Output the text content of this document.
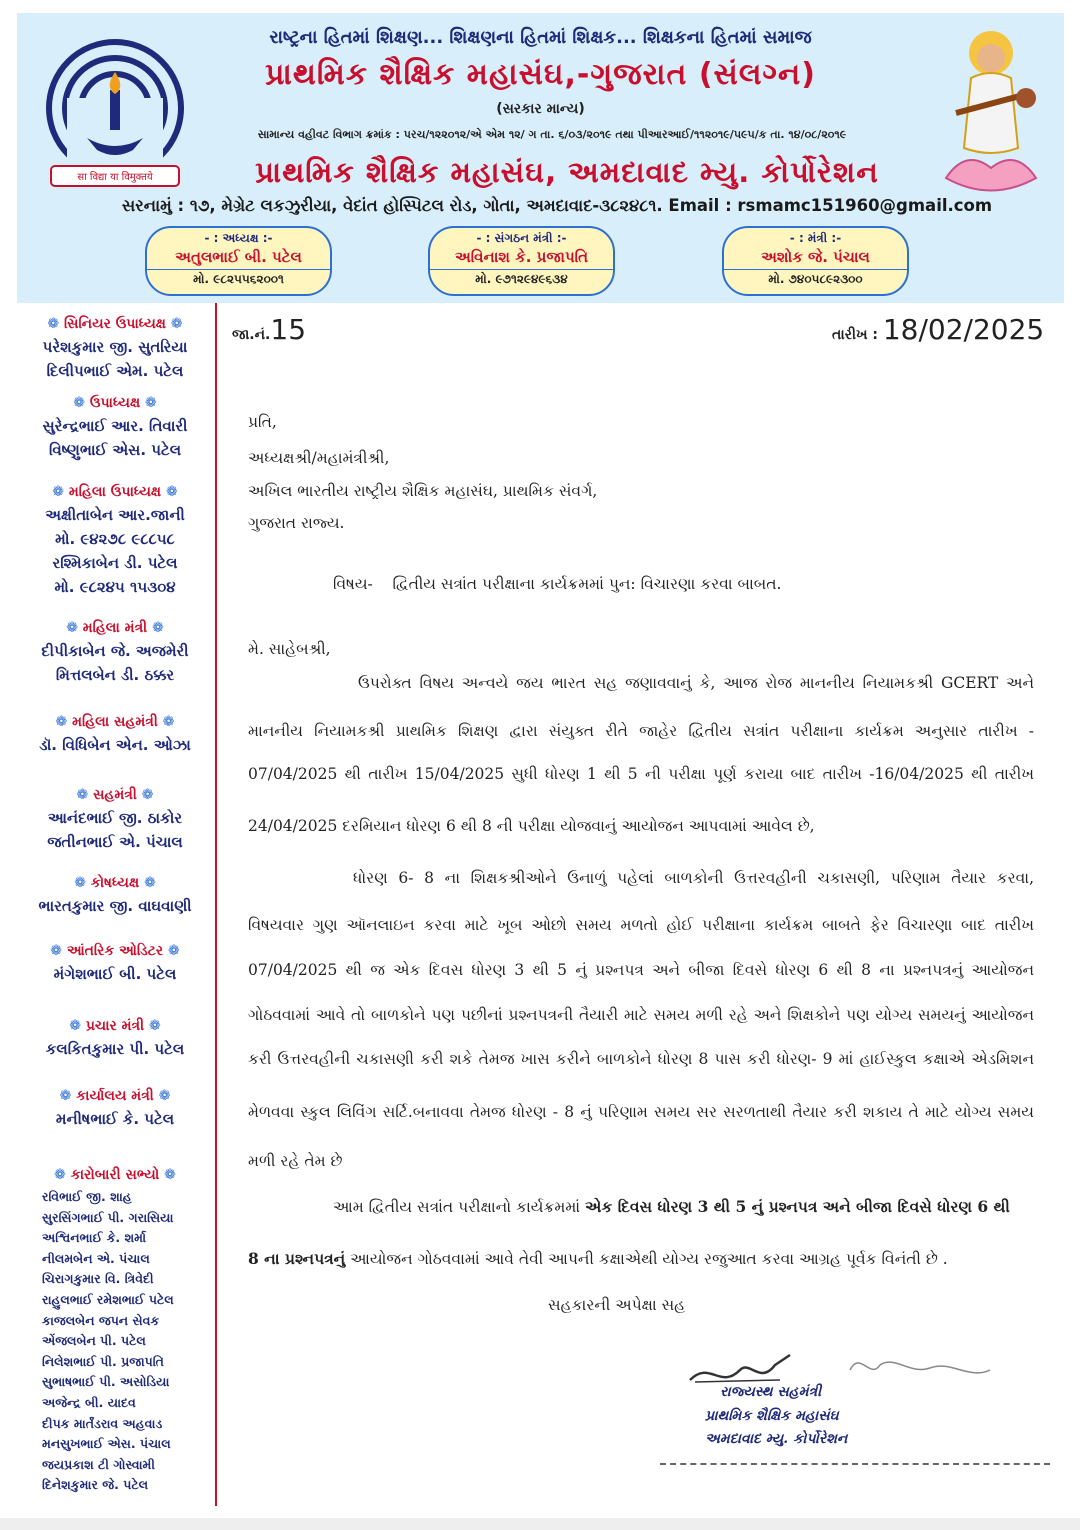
सा विद्या या विमुक्तये
રાષ્ટ્રના હિતમાં શિક્ષણ... શિક્ષણના હિતમાં શિક્ષક... શિક્ષકના હિતમાં સમાજ
પ્રાથમિક શૈક્ષિક મહાસંઘ,-ગુજરાત (સંલગ્ન)
(સરકાર માન્ય)
સામાન્ય વહીવટ વિભાગ ક્રમાંક : પરચ/૧૨૨૦૧૨/એ એમ ૧૨/ ગ તા. ૬/૦૩/૨૦૧૯ તથા પીઆરઆઈ/૧૧૨૦૧૯/૫૯૫/ક તા. ૧૪/૦૮/૨૦૧૯
પ્રાથમિક શૈક્ષિક મહાસંઘ, અમદાવાદ મ્યુ. કોર્પોરેશન
સરનામું : ૧૭, મેગ્રેટ લકઝુરીયા, વેદાંત હોસ્પિટલ રોડ, ગોતા, અમદાવાદ-૩૮૨૪૮૧. Email : rsmamc151960@gmail.com
- : અધ્યક્ષ :-
અતુલભાઈ બી. પટેલ
મો. ૯૮૨૫૫૬૨૦૦૧
- : સંગઠન મંત્રી :-
અવિનાશ કે. પ્રજાપતિ
મો. ૯૭૧૨૯૪૯૬૩૪
- : મંત્રી :-
અશોક જે. પંચાલ
મો. ૭૪૦૫૮૯૨૩૦૦
❁ સિનિયર ઉપાધ્યક્ષ ❁
પરેશકુમાર જી. સુતરિયા
દિલીપભાઈ એમ. પટેલ
❁ ઉપાધ્યક્ષ ❁
સુરેન્દ્રભાઈ આર. તિવારી
વિષ્ણુભાઈ એસ. પટેલ
❁ મહિલા ઉપાધ્યક્ષ ❁
અક્ષીતાબેન આર.જાની
મો. ૯૪૨૭૮ ૯૮૮૫૮
રશ્મિકાબેન ડી. પટેલ
મો. ૯૮૨૪૫ ૧૫૩૦૪
❁ મહિલા મંત્રી ❁
દીપીકાબેન જે. અજમેરી
મિત્તલબેન ડી. ઠક્કર
❁ મહિલા સહમંત્રી ❁
ડૉ. વિધિબેન એન. ઓઝા
❁ સહમંત્રી ❁
આનંદભાઈ જી. ઠાકોર
જતીનભાઈ એ. પંચાલ
❁ કોષધ્યક્ષ ❁
ભારતકુમાર જી. વાઘવાણી
❁ આંતરિક ઓડિટર ❁
મંગેશભાઈ બી. પટેલ
❁ પ્રચાર મંત્રી ❁
કલકિતકુમાર પી. પટેલ
❁ કાર્યાલય મંત્રી ❁
મનીષભાઈ કે. પટેલ
❁ કારોબારી સભ્યો ❁
રવિભાઈ જી. શાહ
સુરસિંગભાઈ પી. ગરાસિયા
અશ્વિનભાઈ કે. શર્મા
નીલમબેન એ. પંચાલ
ચિરાગકુમાર વિ. ત્રિવેદી
રાહુલભાઈ રમેશભાઈ પટેલ
કાજલબેન જપન સેવક
એંજલબેન પી. પટેલ
નિલેશભાઈ પી. પ્રજાપતિ
સુભાષભાઈ પી. અસોડિયા
અજેન્દ્ર બી. યાદવ
દીપક માર્તંડરાવ અહવાડ
મનસુખભાઈ એસ. પંચાલ
જયપ્રકાશ ટી ગોસ્વામી
દિનેશકુમાર જે. પટેલ
જા.નં.15	તારીખ : 18/02/2025
પ્રતિ,
અધ્યક્ષશ્રી/મહામંત્રીશ્રી,
અખિલ ભારતીય રાષ્ટ્રીય શૈક્ષિક મહાસંઘ, પ્રાથમિક સંવર્ગ,
ગુજરાત રાજ્ય.
વિષય- દ્વિતીય સત્રાંત પરીક્ષાના કાર્યક્રમમાં પુન: વિચારણા કરવા બાબત.
મે. સાહેબશ્રી,
ઉપરોક્ત વિષય અન્વયે જય ભારત સહ જણાવવાનું કે, આજ રોજ માનનીય નિયામકશ્રી GCERT અને
માનનીય નિયામકશ્રી પ્રાથમિક શિક્ષણ દ્વારા સંયુક્ત રીતે જાહેર દ્વિતીય સત્રાંત પરીક્ષાના કાર્યક્રમ અનુસાર તારીખ -
07/04/2025 થી તારીખ 15/04/2025 સુધી ધોરણ 1 થી 5 ની પરીક્ષા પૂર્ણ કરાયા બાદ તારીખ -16/04/2025 થી તારીખ
24/04/2025 દરમિયાન ધોરણ 6 થી 8 ની પરીક્ષા યોજવાનું આયોજન આપવામાં આવેલ છે,
ધોરણ 6- 8 ના શિક્ષકશ્રીઓને ઉનાળું પહેલાં બાળકોની ઉત્તરવહીની ચકાસણી, પરિણામ તૈયાર કરવા,
વિષયવાર ગુણ ઑનલાઇન કરવા માટે ખૂબ ઓછો સમય મળતો હોઈ પરીક્ષાના કાર્યક્રમ બાબતે ફેર વિચારણા બાદ તારીખ
07/04/2025 થી જ એક દિવસ ધોરણ 3 થી 5 નું પ્રશ્નપત્ર અને બીજા દિવસે ધોરણ 6 થી 8 ના પ્રશ્નપત્રનું આયોજન
ગોઠવવામાં આવે તો બાળકોને પણ પછીનાં પ્રશ્નપત્રની તૈયારી માટે સમય મળી રહે અને શિક્ષકોને પણ યોગ્ય સમયનું આયોજન
કરી ઉત્તરવહીની ચકાસણી કરી શકે તેમજ ખાસ કરીને બાળકોને ધોરણ 8 પાસ કરી ધોરણ- 9 માં હાઈસ્કુલ કક્ષાએ એડમિશન
મેળવવા સ્કુલ લિવિંગ સર્ટિ.બનાવવા તેમજ ધોરણ - 8 નું પરિણામ સમય સર સરળતાથી તૈયાર કરી શકાય તે માટે યોગ્ય સમય
મળી રહે તેમ છે
આમ દ્વિતીય સત્રાંત પરીક્ષાનો કાર્યક્રમમાં એક દિવસ ધોરણ 3 થી 5 નું પ્રશ્નપત્ર અને બીજા દિવસે ધોરણ 6 થી
8 ના પ્રશ્નપત્રનું આયોજન ગોઠવવામાં આવે તેવી આપની કક્ષાએથી યોગ્ય રજુઆત કરવા આગ્રહ પૂર્વક વિનંતી છે .
સહકારની અપેક્ષા સહ
રાજ્યસ્થ સહમંત્રી
પ્રાથમિક શૈક્ષિક મહાસંઘ
અમદાવાદ મ્યુ. કોર્પોરેશન
